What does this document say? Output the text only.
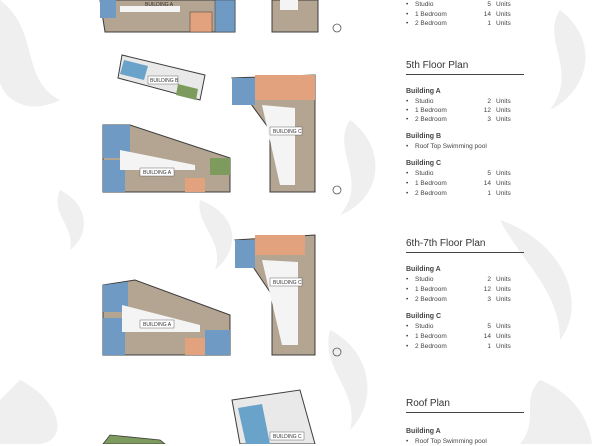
BUILDING A
BUILDING B
BUILDING A
BUILDING C
BUILDING A
BUILDING C
BUILDING C
• Studio	5 Units
• 1 Bedroom	14 Units
• 2 Bedroom	1 Units
5th Floor Plan
Building A
• Studio	2 Units
• 1 Bedroom	12 Units
• 2 Bedroom	3 Units
Building B
• Roof Top Swimming pool
Building C
• Studio	5 Units
• 1 Bedroom	14 Units
• 2 Bedroom	1 Units
6th-7th Floor Plan
Building A
• Studio	2 Units
• 1 Bedroom	12 Units
• 2 Bedroom	3 Units
Building C
• Studio	5 Units
• 1 Bedroom	14 Units
• 2 Bedroom	1 Units
Roof Plan
Building A
• Roof Top Swimming pool
